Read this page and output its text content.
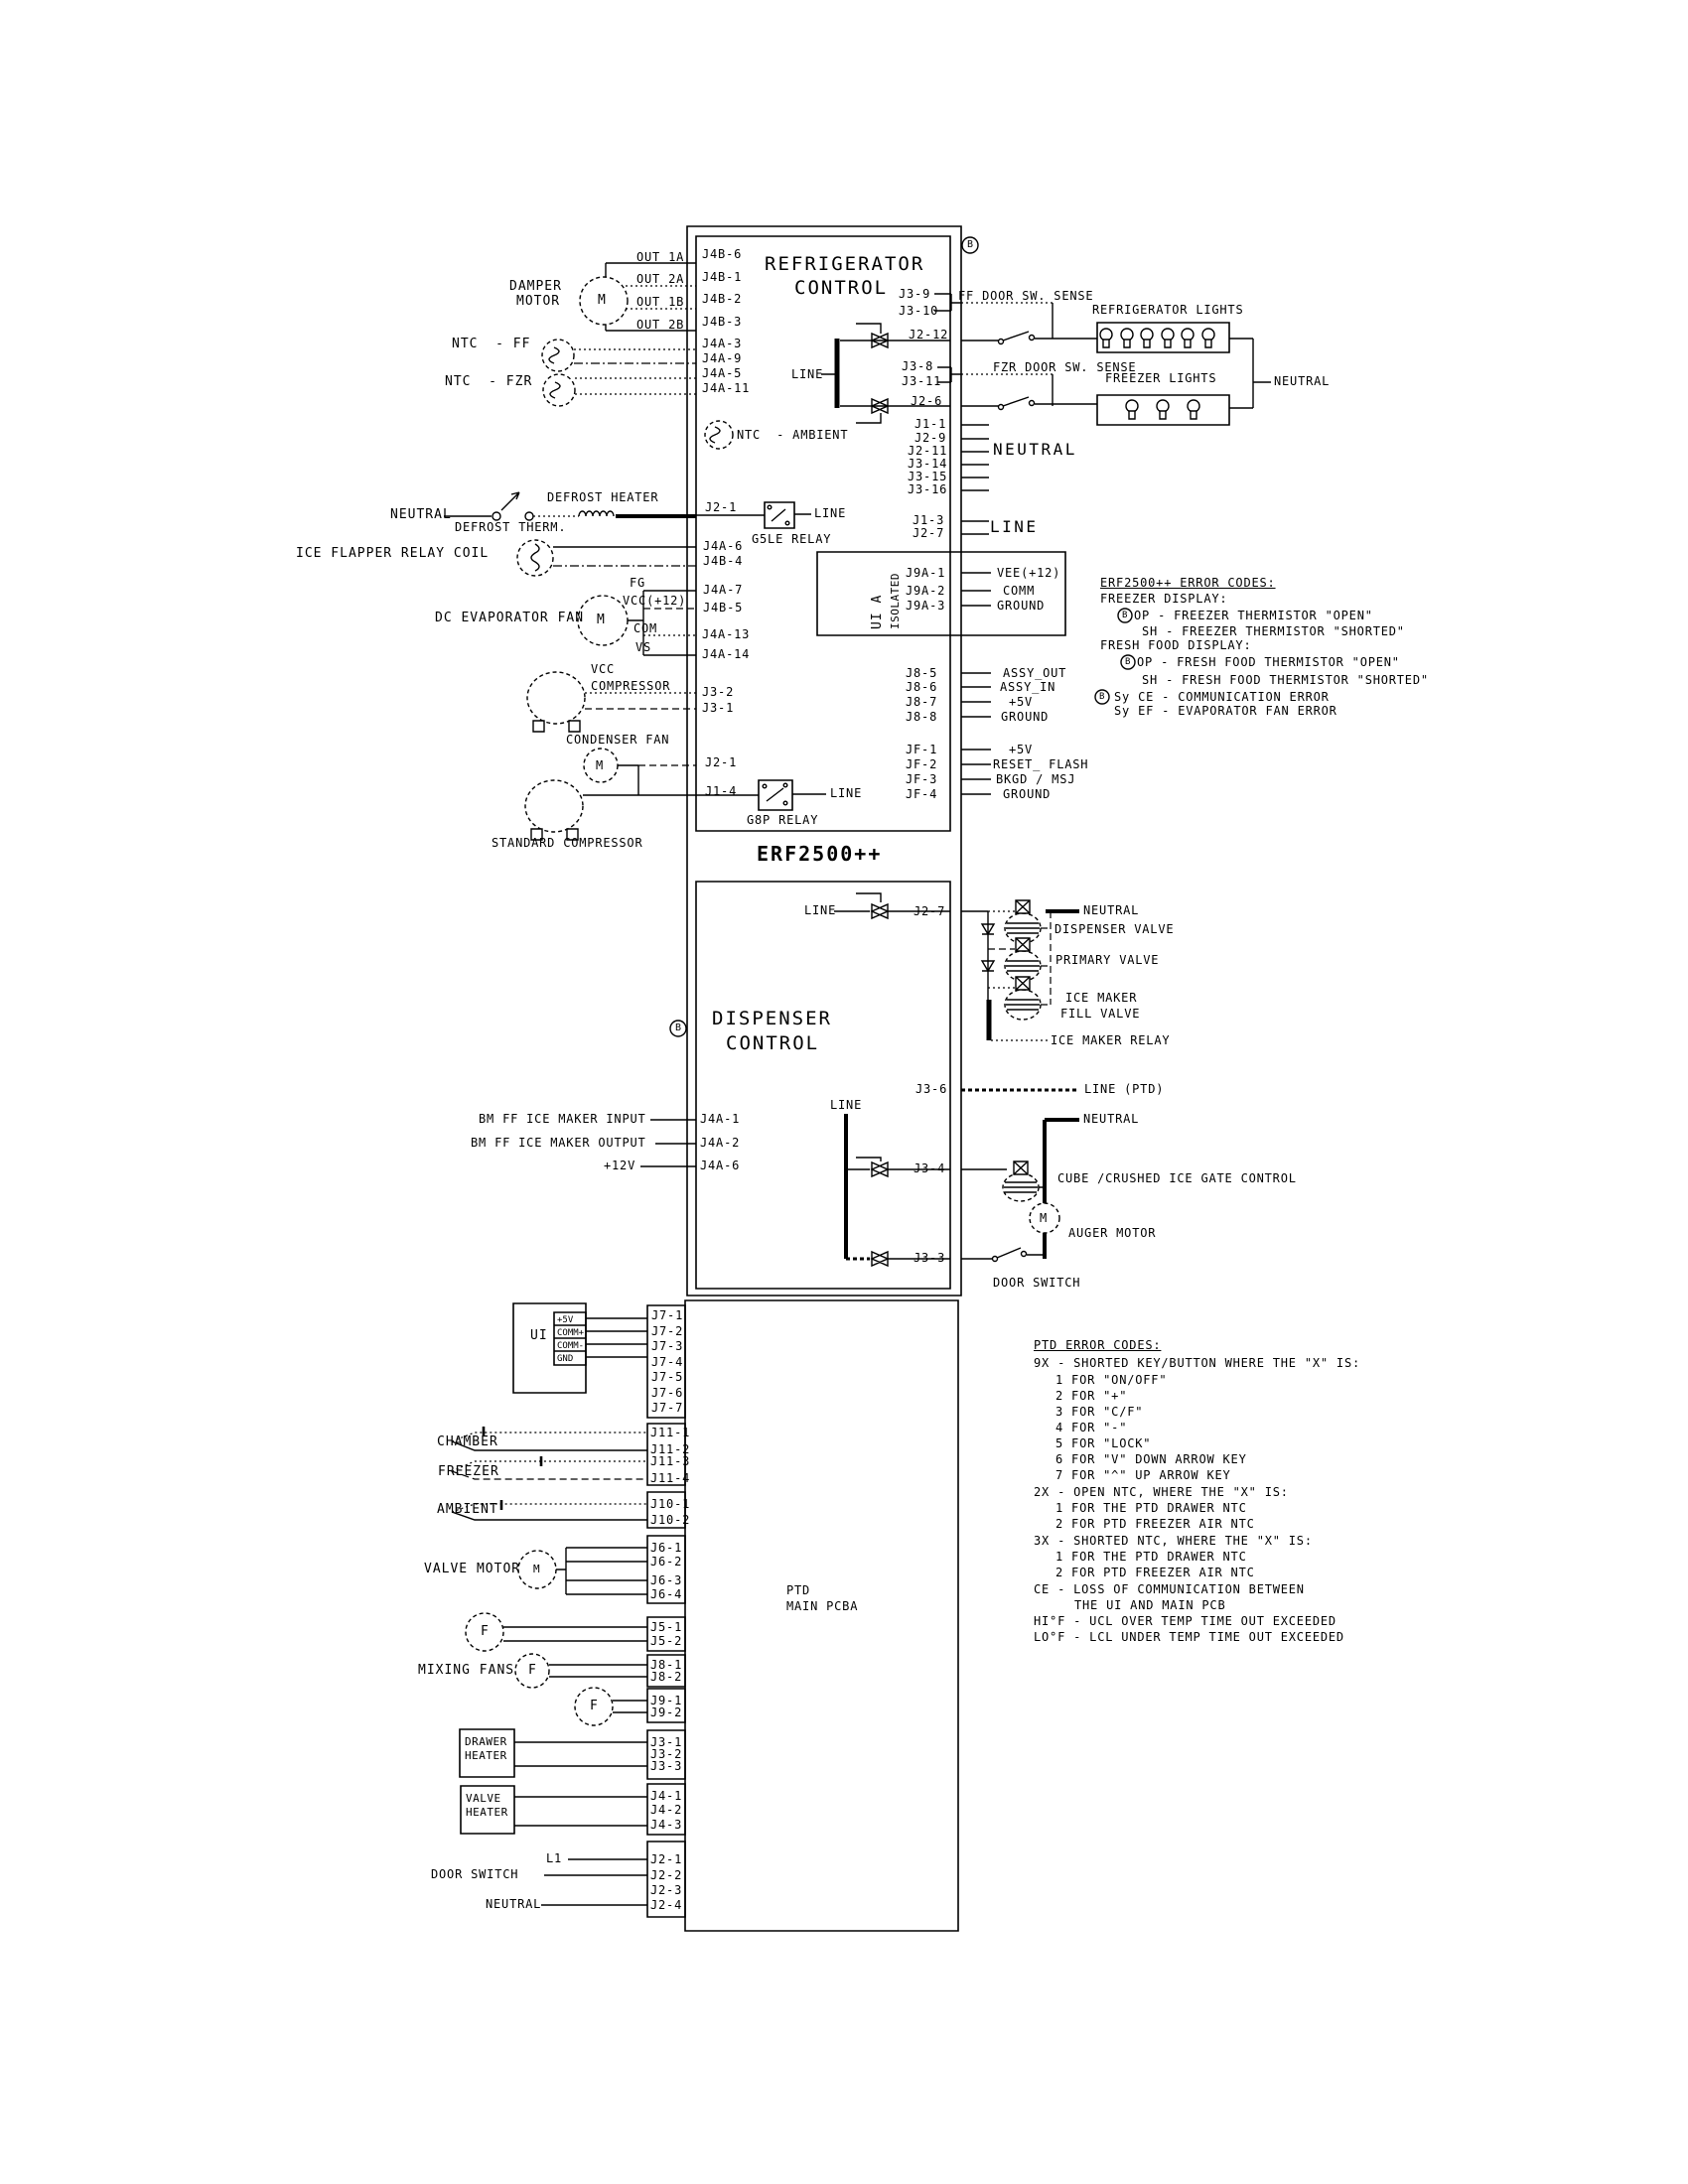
REFRIGERATOR
CONTROL
B
ERF2500++
DAMPER
MOTOR	M
OUT 1A
OUT 2A
OUT 1B
OUT 2B
J4B-6
J4B-1
J4B-2
J4B-3
NTC  - FF
NTC  - FZR
J4A-3
J4A-9
J4A-5
J4A-11
NTC  - AMBIENT
LINE
J3-9
J3-10
FF DOOR SW. SENSE
J2-12
J3-8
J3-11
FZR DOOR SW. SENSE
J2-6
REFRIGERATOR LIGHTS
FREEZER LIGHTS	NEUTRAL
J1-1
J2-9
J2-11
J3-14
J3-15
J3-16
NEUTRAL
J1-3
J2-7	LINE
NEUTRAL
DEFROST THERM.
DEFROST HEATER
J2-1
G5LE RELAY
LINE
ICE FLAPPER RELAY COIL	J4A-6
J4B-4
DC EVAPORATOR FAN M
FG
VCC(+12)
COM
VS
J4A-7
J4B-5
J4A-13
J4A-14
VCC
COMPRESSOR	J3-2
J3-1
CONDENSER FAN
M	J2-1
STANDARD COMPRESSOR
J1-4
G8P RELAY
LINE
UI A ISOLATED
J9A-1
J9A-2
J9A-3
VEE(+12)
COMM
GROUND
J8-5
J8-6
J8-7
J8-8
ASSY_OUT
ASSY_IN
+5V
GROUND
JF-1
JF-2
JF-3
JF-4
+5V
RESET_ FLASH
BKGD / MSJ
GROUND
ERF2500++ ERROR CODES:
FREEZER DISPLAY:
OP - FREEZER THERMISTOR "OPEN"
SH - FREEZER THERMISTOR "SHORTED"
FRESH FOOD DISPLAY:
OP - FRESH FOOD THERMISTOR "OPEN"
SH - FRESH FOOD THERMISTOR "SHORTED"
Sy CE - COMMUNICATION ERROR
Sy EF - EVAPORATOR FAN ERROR
B
B
B
DISPENSER
CONTROL
B
LINE	J2-7	NEUTRAL
DISPENSER VALVE
PRIMARY VALVE
ICE MAKER
FILL VALVE
ICE MAKER RELAY
J3-6	LINE (PTD)
BM FF ICE MAKER INPUT
BM FF ICE MAKER OUTPUT
+12V
J4A-1
J4A-2
J4A-6
LINE
J3-4
J3-3
NEUTRAL
CUBE /CRUSHED ICE GATE CONTROL
M
AUGER MOTOR
DOOR SWITCH
UI
+5V
COMM+
COMM-
GND
J7-1
J7-2
J7-3
J7-4
J7-5
J7-6
J7-7
CHAMBER
FREEZER
AMBIENT
J11-1
J11-2
J11-3
J11-4
J10-1
J10-2
VALVE MOTOR M
J6-1
J6-2
J6-3
J6-4
MIXING FANS
F
F
F
J5-1
J5-2
J8-1
J8-2
J9-1
J9-2
DRAWER
HEATER
J3-1
J3-2
J3-3
VALVE
HEATER
J4-1
J4-2
J4-3
L1
DOOR SWITCH
NEUTRAL
J2-1
J2-2
J2-3
J2-4
PTD
MAIN PCBA
PTD ERROR CODES:
9X - SHORTED KEY/BUTTON WHERE THE "X" IS:
1 FOR "ON/OFF"
2 FOR "+"
3 FOR "C/F"
4 FOR "-"
5 FOR "LOCK"
6 FOR "V" DOWN ARROW KEY
7 FOR "^" UP ARROW KEY
2X - OPEN NTC, WHERE THE "X" IS:
1 FOR THE PTD DRAWER NTC
2 FOR PTD FREEZER AIR NTC
3X - SHORTED NTC, WHERE THE "X" IS:
1 FOR THE PTD DRAWER NTC
2 FOR PTD FREEZER AIR NTC
CE - LOSS OF COMMUNICATION BETWEEN
THE UI AND MAIN PCB
HI°F - UCL OVER TEMP TIME OUT EXCEEDED
LO°F - LCL UNDER TEMP TIME OUT EXCEEDED
